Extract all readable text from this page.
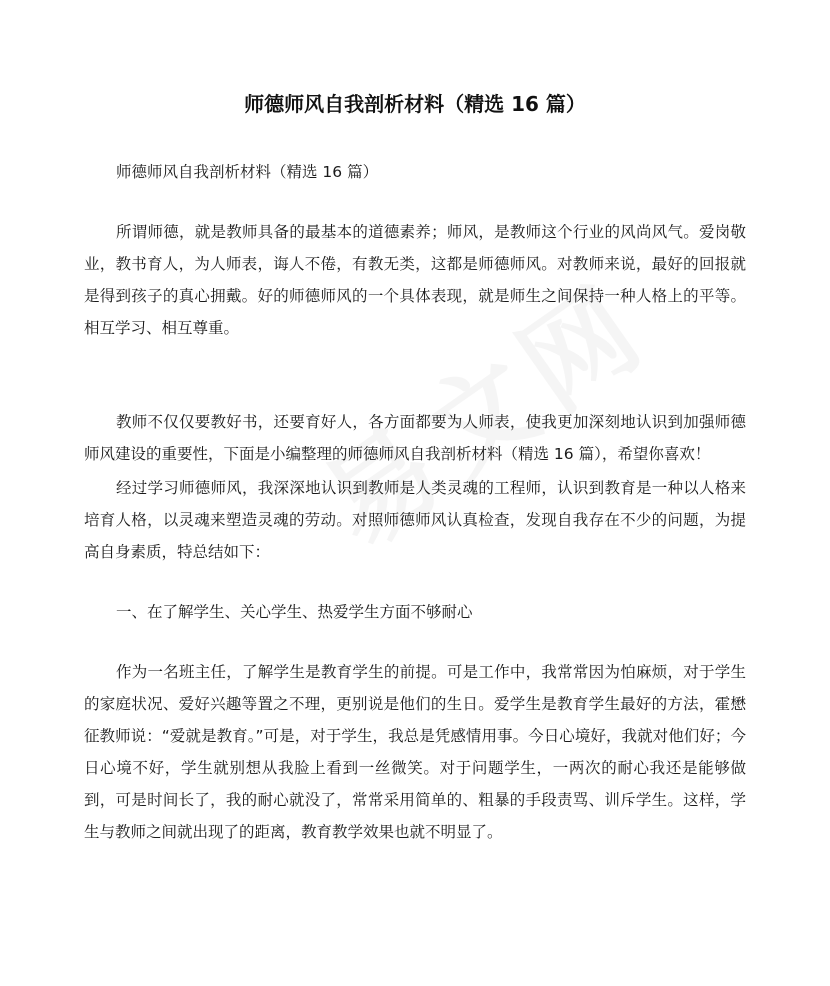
师德师风自我剖析材料（精选 16 篇）

师德师风自我剖析材料（精选 16 篇）

所谓师德，就是教师具备的最基本的道德素养；师风，是教师这个行业的风尚风气。爱岗敬业，教书育人，为人师表，诲人不倦，有教无类，这都是师德师风。对教师来说，最好的回报就是得到孩子的真心拥戴。好的师德师风的一个具体表现，就是师生之间保持一种人格上的平等。相互学习、相互尊重。

教师不仅仅要教好书，还要育好人，各方面都要为人师表，使我更加深刻地认识到加强师德师风建设的重要性，下面是小编整理的师德师风自我剖析材料（精选 16 篇），希望你喜欢！

经过学习师德师风，我深深地认识到教师是人类灵魂的工程师，认识到教育是一种以人格来培育人格，以灵魂来塑造灵魂的劳动。对照师德师风认真检查，发现自我存在不少的问题，为提高自身素质，特总结如下：

一、在了解学生、关心学生、热爱学生方面不够耐心

作为一名班主任，了解学生是教育学生的前提。可是工作中，我常常因为怕麻烦，对于学生的家庭状况、爱好兴趣等置之不理，更别说是他们的生日。爱学生是教育学生最好的方法，霍懋征教师说：“爱就是教育。”可是，对于学生，我总是凭感情用事。今日心境好，我就对他们好；今日心境不好，学生就别想从我脸上看到一丝微笑。对于问题学生，一两次的耐心我还是能够做到，可是时间长了，我的耐心就没了，常常采用简单的、粗暴的手段责骂、训斥学生。这样，学生与教师之间就出现了的距离，教育教学效果也就不明显了。
